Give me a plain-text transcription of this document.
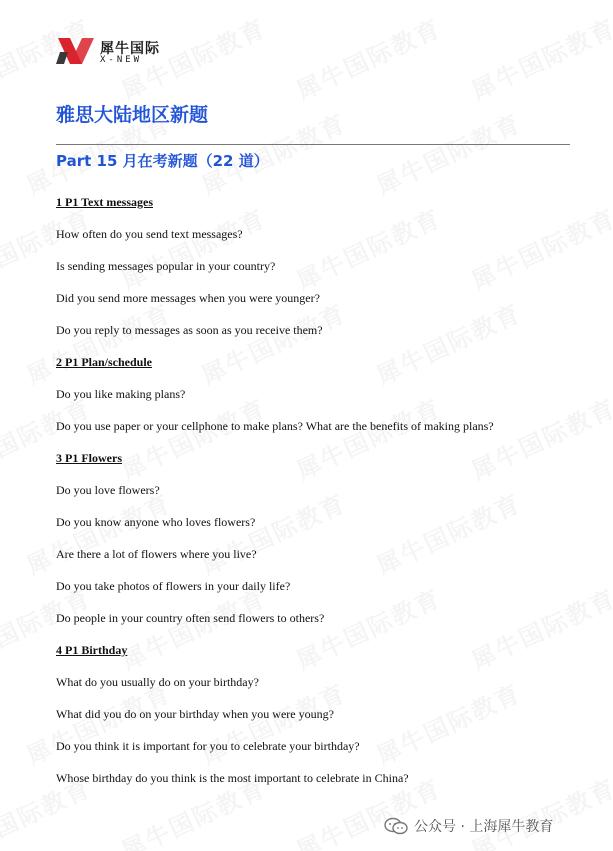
犀牛国际
X-NEW
雅思大陆地区新题
Part 15 月在考新题（22 道）
1 P1 Text messages
How often do you send text messages?
Is sending messages popular in your country?
Did you send more messages when you were younger?
Do you reply to messages as soon as you receive them?
2 P1 Plan/schedule
Do you like making plans?
Do you use paper or your cellphone to make plans? What are the benefits of making plans?
3 P1 Flowers
Do you love flowers?
Do you know anyone who loves flowers?
Are there a lot of flowers where you live?
Do you take photos of flowers in your daily life?
Do people in your country often send flowers to others?
4 P1 Birthday
What do you usually do on your birthday?
What did you do on your birthday when you were young?
Do you think it is important for you to celebrate your birthday?
Whose birthday do you think is the most important to celebrate in China?
公众号 · 上海犀牛教育
